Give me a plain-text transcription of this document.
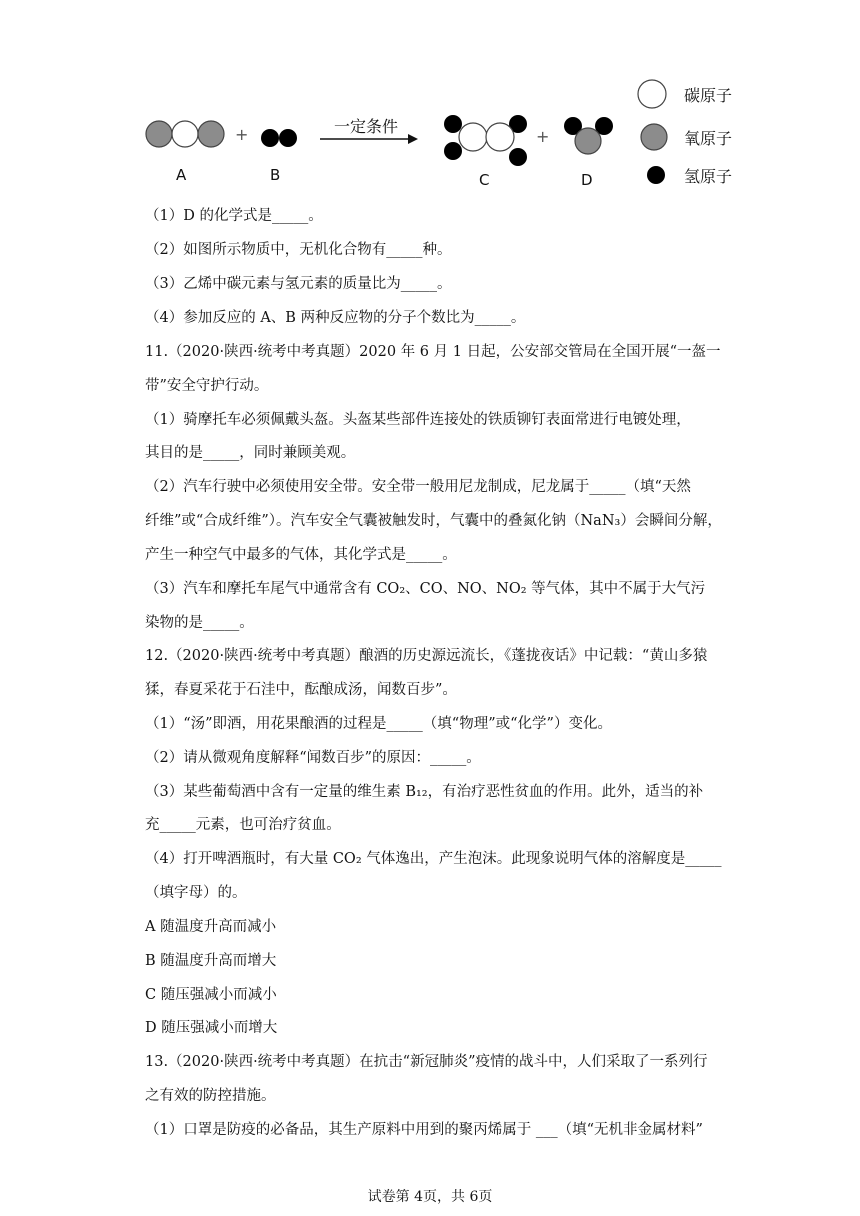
+	一定条件
+
A	B	C	D
碳原子
氧原子
氢原子
（1）D 的化学式是_____。
（2）如图所示物质中，无机化合物有_____种。
（3）乙烯中碳元素与氢元素的质量比为_____。
（4）参加反应的 A、B 两种反应物的分子个数比为_____。
11.（2020·陕西·统考中考真题）2020 年 6 月 1 日起，公安部交管局在全国开展“一盔一
带”安全守护行动。
（1）骑摩托车必须佩戴头盔。头盔某些部件连接处的铁质铆钉表面常进行电镀处理，
其目的是_____，同时兼顾美观。
（2）汽车行驶中必须使用安全带。安全带一般用尼龙制成，尼龙属于_____（填“天然
纤维”或“合成纤维”）。汽车安全气囊被触发时，气囊中的叠氮化钠（NaN₃）会瞬间分解，
产生一种空气中最多的气体，其化学式是_____。
（3）汽车和摩托车尾气中通常含有 CO₂、CO、NO、NO₂ 等气体，其中不属于大气污
染物的是_____。
12.（2020·陕西·统考中考真题）酿酒的历史源远流长，《蓬拢夜话》中记载：“黄山多猿
猱，春夏采花于石洼中，酝酿成汤，闻数百步”。
（1）“汤”即酒，用花果酿酒的过程是_____（填“物理”或“化学”）变化。
（2）请从微观角度解释“闻数百步”的原因：_____。
（3）某些葡萄酒中含有一定量的维生素 B₁₂，有治疗恶性贫血的作用。此外，适当的补
充_____元素，也可治疗贫血。
（4）打开啤酒瓶时，有大量 CO₂ 气体逸出，产生泡沫。此现象说明气体的溶解度是_____
（填字母）的。
A 随温度升高而减小
B 随温度升高而增大
C 随压强减小而减小
D 随压强减小而增大
13.（2020·陕西·统考中考真题）在抗击“新冠肺炎”疫情的战斗中，人们采取了一系列行
之有效的防控措施。
（1）口罩是防疫的必备品，其生产原料中用到的聚丙烯属于 ___（填“无机非金属材料”
试卷第 4页，共 6页
